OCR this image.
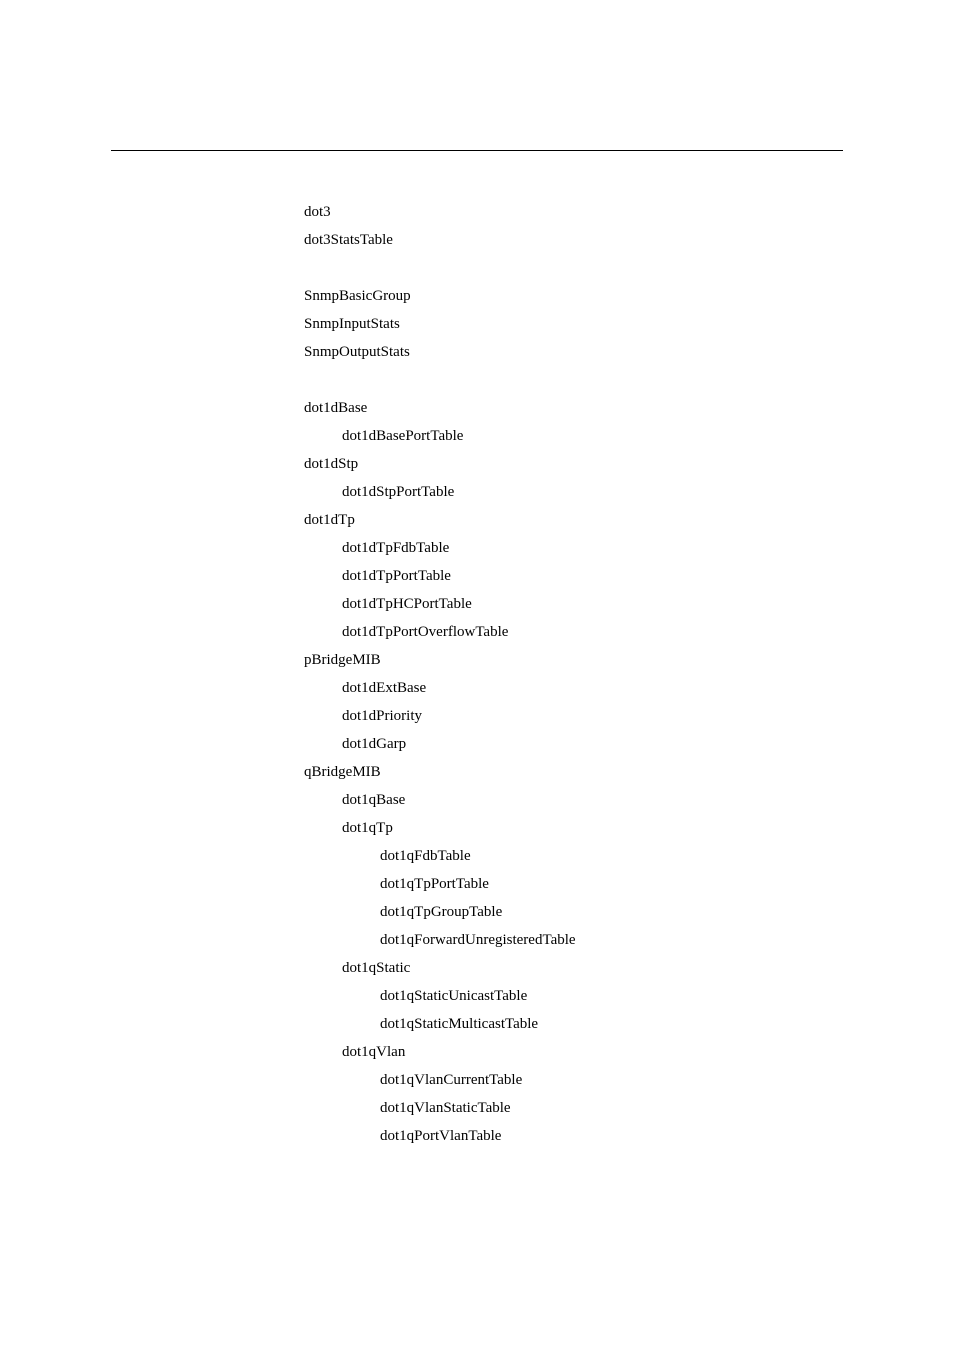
dot3
dot3StatsTable
SnmpBasicGroup
SnmpInputStats
SnmpOutputStats
dot1dBase
dot1dBasePortTable
dot1dStp
dot1dStpPortTable
dot1dTp
dot1dTpFdbTable
dot1dTpPortTable
dot1dTpHCPortTable
dot1dTpPortOverflowTable
pBridgeMIB
dot1dExtBase
dot1dPriority
dot1dGarp
qBridgeMIB
dot1qBase
dot1qTp
dot1qFdbTable
dot1qTpPortTable
dot1qTpGroupTable
dot1qForwardUnregisteredTable
dot1qStatic
dot1qStaticUnicastTable
dot1qStaticMulticastTable
dot1qVlan
dot1qVlanCurrentTable
dot1qVlanStaticTable
dot1qPortVlanTable
